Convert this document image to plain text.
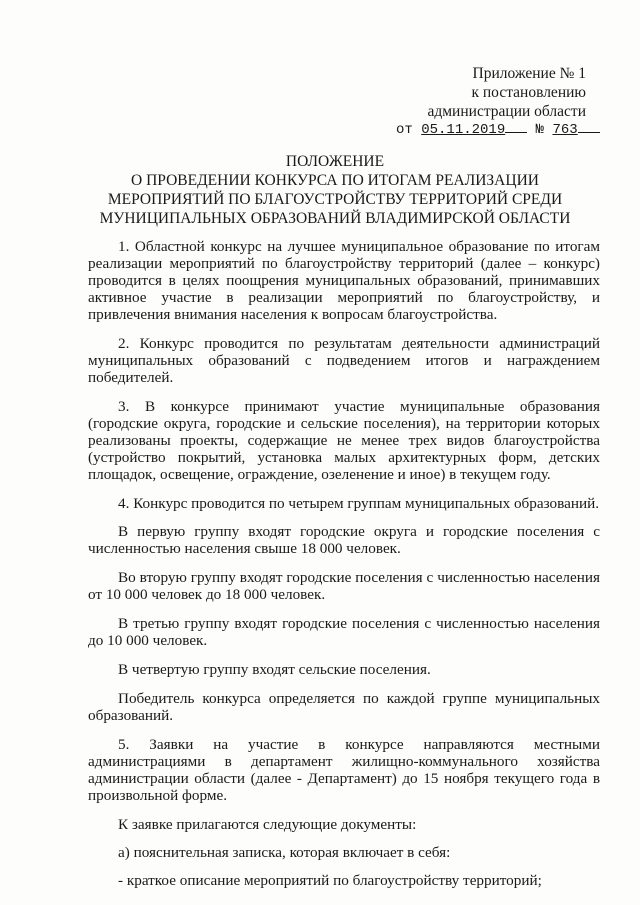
Приложение № 1
к постановлению
администрации области
от 05.11.2019 № 763
ПОЛОЖЕНИЕ
О ПРОВЕДЕНИИ КОНКУРСА ПО ИТОГАМ РЕАЛИЗАЦИИ
МЕРОПРИЯТИЙ ПО БЛАГОУСТРОЙСТВУ ТЕРРИТОРИЙ СРЕДИ
МУНИЦИПАЛЬНЫХ ОБРАЗОВАНИЙ ВЛАДИМИРСКОЙ ОБЛАСТИ

1. Областной конкурс на лучшее муниципальное образование по итогам реализации мероприятий по благоустройству территорий (далее – конкурс) проводится в целях поощрения муниципальных образований, принимавших активное участие в реализации мероприятий по благоустройству, и привлечения внимания населения к вопросам благоустройства.

2. Конкурс проводится по результатам деятельности администраций муниципальных образований с подведением итогов и награждением победителей.

3. В конкурсе принимают участие муниципальные образования (городские округа, городские и сельские поселения), на территории которых реализованы проекты, содержащие не менее трех видов благоустройства (устройство покрытий, установка малых архитектурных форм, детских площадок, освещение, ограждение, озеленение и иное) в текущем году.

4. Конкурс проводится по четырем группам муниципальных образований.

В первую группу входят городские округа и городские поселения с численностью населения свыше 18 000 человек.

Во вторую группу входят городские поселения с численностью населения от 10 000 человек до 18 000 человек.

В третью группу входят городские поселения с численностью населения до 10 000 человек.

В четвертую группу входят сельские поселения.

Победитель конкурса определяется по каждой группе муниципальных образований.

5. Заявки на участие в конкурсе направляются местными администрациями в департамент жилищно-коммунального хозяйства администрации области (далее - Департамент) до 15 ноября текущего года в произвольной форме.

К заявке прилагаются следующие документы:

а) пояснительная записка, которая включает в себя:

- краткое описание мероприятий по благоустройству территорий;
